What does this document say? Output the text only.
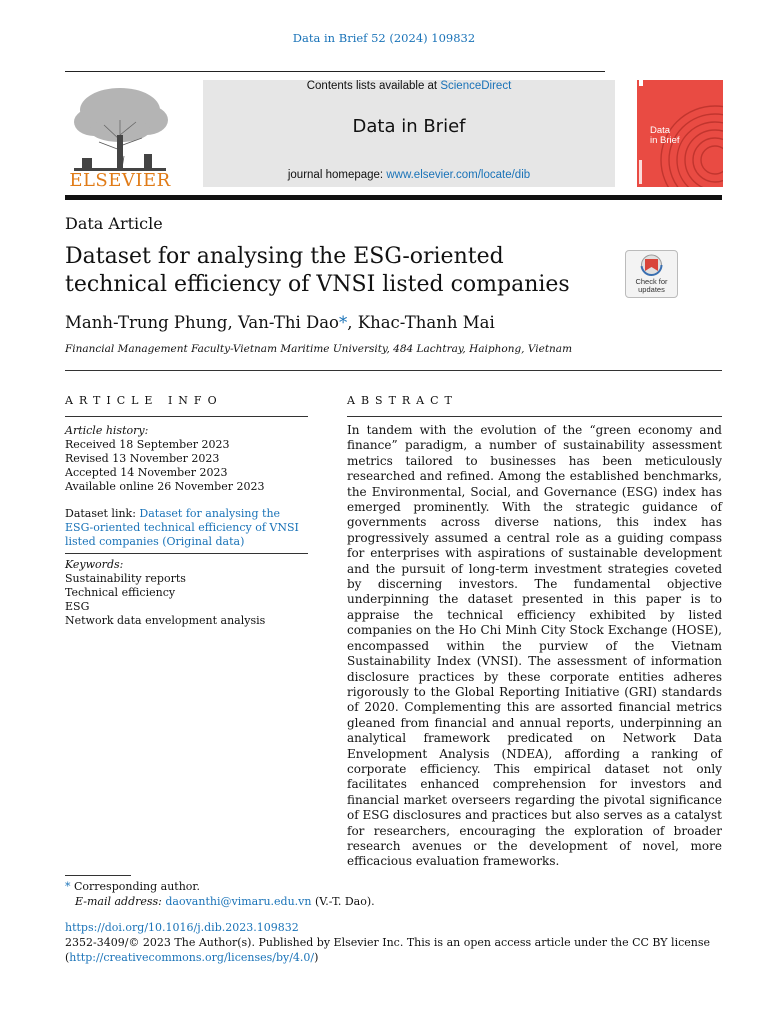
Data in Brief 52 (2024) 109832
ELSEVIER
Contents lists available at ScienceDirect
Data in Brief
journal homepage: www.elsevier.com/locate/dib
Data
in Brief
Data Article
Dataset for analysing the ESG-oriented technical efficiency of VNSI listed companies	Check for updates
Manh-Trung Phung, Van-Thi Dao*, Khac-Thanh Mai
Financial Management Faculty-Vietnam Maritime University, 484 Lachtray, Haiphong, Vietnam
ARTICLE INFO	ABSTRACT
Article history:
Received 18 September 2023
Revised 13 November 2023
Accepted 14 November 2023
Available online 26 November 2023
Dataset link: Dataset for analysing the ESG-oriented technical efficiency of VNSI listed companies (Original data)
Keywords:
Sustainability reports
Technical efficiency
ESG
Network data envelopment analysis
In tandem with the evolution of the “green economy and finance” paradigm, a number of sustainability assessment metrics tailored to businesses has been meticulously researched and refined. Among the established benchmarks, the Environmental, Social, and Governance (ESG) index has emerged prominently. With the strategic guidance of governments across diverse nations, this index has progressively assumed a central role as a guiding compass for enterprises with aspirations of sustainable development and the pursuit of long-term investment strategies coveted by discerning investors. The fundamental objective underpinning the dataset presented in this paper is to appraise the technical efficiency exhibited by listed companies on the Ho Chi Minh City Stock Exchange (HOSE), encompassed within the purview of the Vietnam Sustainability Index (VNSI). The assessment of information disclosure practices by these corporate entities adheres rigorously to the Global Reporting Initiative (GRI) standards of 2020. Complementing this are assorted financial metrics gleaned from financial and annual reports, underpinning an analytical framework predicated on Network Data Envelopment Analysis (NDEA), affording a ranking of corporate efficiency. This empirical dataset not only facilitates enhanced comprehension for investors and financial market overseers regarding the pivotal significance of ESG disclosures and practices but also serves as a catalyst for researchers, encouraging the exploration of broader research avenues or the development of novel, more efficacious evaluation frameworks.
* Corresponding author.
E-mail address: daovanthi@vimaru.edu.vn (V.-T. Dao).
https://doi.org/10.1016/j.dib.2023.109832
2352-3409/© 2023 The Author(s). Published by Elsevier Inc. This is an open access article under the CC BY license
(http://creativecommons.org/licenses/by/4.0/)
